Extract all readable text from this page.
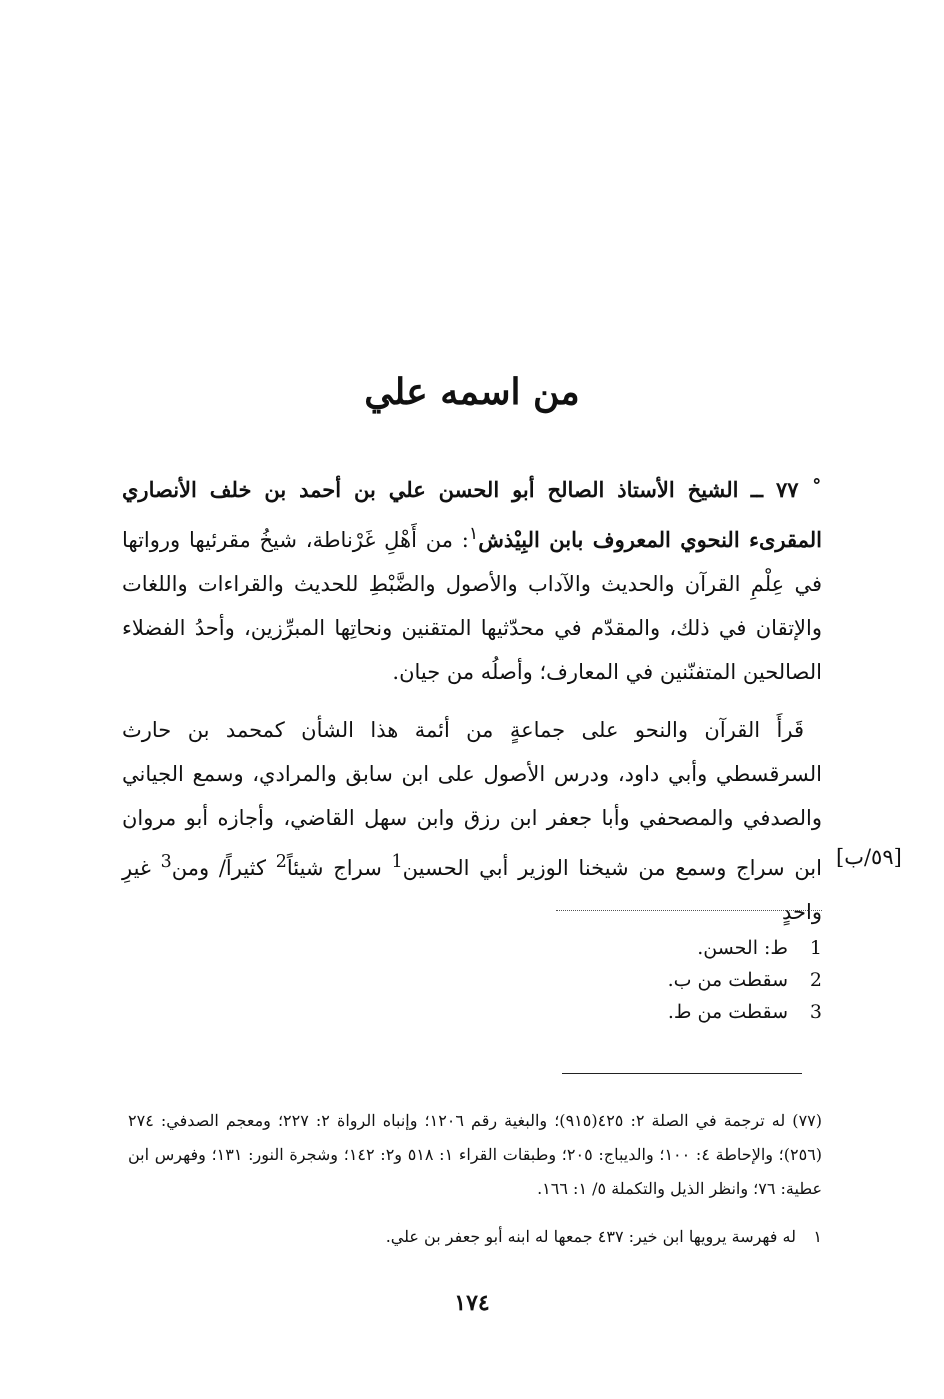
من اسمه علي

˚ ٧٧ ــ الشيخ الأستاذ الصالح أبو الحسن علي بن أحمد بن خلف الأنصاري المقرىء النحوي المعروف بابن البِيْذش$^١$: من أَهْلِ غَرْناطة، شيخُ مقرئيها ورواتها في عِلْمِ القرآن والحديث والآداب والأصول والضَّبْطِ للحديث والقراءات واللغات والإتقان في ذلك، والمقدّم في محدّثيها المتقنين ونحاتِها المبرِّزين، وأحدُ الفضلاء الصالحين المتفنّنين في المعارف؛ وأصلُه من جيان.

قَرأَ القرآن والنحو على جماعةٍ من أئمة هذا الشأن كمحمد بن حارث السرقسطي وأبي داود، ودرس الأصول على ابن سابق والمرادي، وسمع الجياني والصدفي والمصحفي وأبا جعفر ابن رزق وابن سهل القاضي، وأجازه أبو مروان ابن سراج وسمع من شيخنا الوزير أبي الحسين$^1$ سراج شيئاً$^2$ كثيراً/ ومن$^3$ غيرِ واحدٍ

[٥٩/ب]
1
ط: الحسن.
2
سقطت من ب.
3
سقطت من ط.
(٧٧) له ترجمة في الصلة ٢: ٤٢٥(٩١٥)؛ والبغية رقم ١٢٠٦؛ وإنباه الرواة ٢: ٢٢٧؛ ومعجم الصدفي: ٢٧٤ (٢٥٦)؛ والإحاطة ٤: ١٠٠؛ والديباج: ٢٠٥؛ وطبقات القراء ١: ٥١٨ و٢: ١٤٢؛ وشجرة النور: ١٣١؛ وفهرس ابن عطية: ٧٦؛ وانظر الذيل والتكملة ٥/ ١: ١٦٦.
١له فهرسة يرويها ابن خير: ٤٣٧ جمعها له ابنه أبو جعفر بن علي.
١٧٤
